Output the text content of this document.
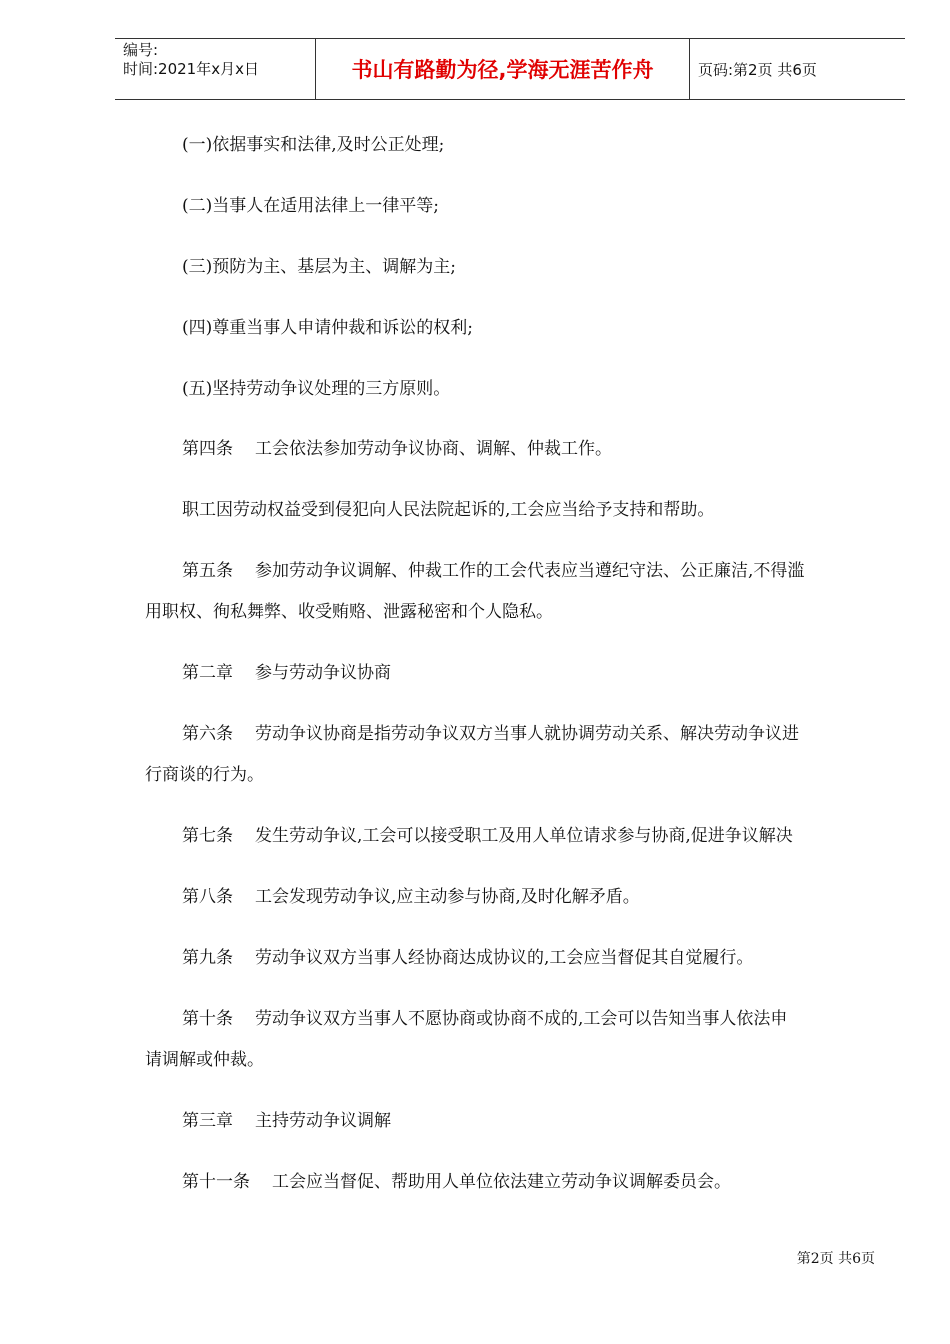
编号:
时间:2021年x月x日	书山有路勤为径,学海无涯苦作舟	页码:第2页 共6页
(一)依据事实和法律,及时公正处理;
(二)当事人在适用法律上一律平等;
(三)预防为主、基层为主、调解为主;
(四)尊重当事人申请仲裁和诉讼的权利;
(五)坚持劳动争议处理的三方原则。
第四条 工会依法参加劳动争议协商、调解、仲裁工作。
职工因劳动权益受到侵犯向人民法院起诉的,工会应当给予支持和帮助。
第五条 参加劳动争议调解、仲裁工作的工会代表应当遵纪守法、公正廉洁,不得滥
用职权、徇私舞弊、收受贿赂、泄露秘密和个人隐私。
第二章 参与劳动争议协商
第六条 劳动争议协商是指劳动争议双方当事人就协调劳动关系、解决劳动争议进
行商谈的行为。
第七条 发生劳动争议,工会可以接受职工及用人单位请求参与协商,促进争议解决
第八条 工会发现劳动争议,应主动参与协商,及时化解矛盾。
第九条 劳动争议双方当事人经协商达成协议的,工会应当督促其自觉履行。
第十条 劳动争议双方当事人不愿协商或协商不成的,工会可以告知当事人依法申
请调解或仲裁。
第三章 主持劳动争议调解
第十一条 工会应当督促、帮助用人单位依法建立劳动争议调解委员会。
第2页 共6页
